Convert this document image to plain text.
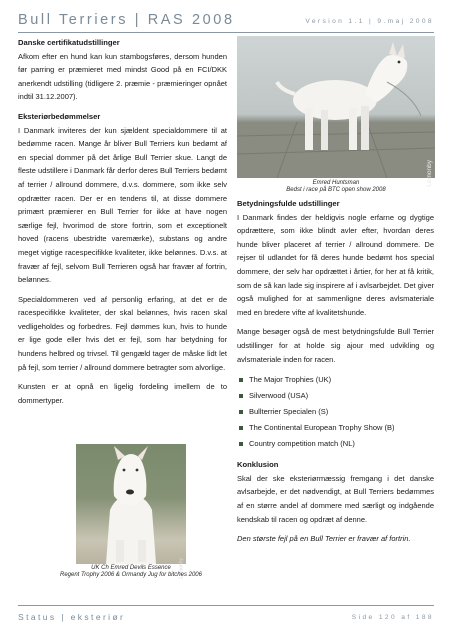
Bull Terriers | RAS 2008	Version 1.1 | 9.maj 2008
Danske certifikatudstillinger

Afkom efter en hund kan kun stambogsføres, dersom hunden før parring er præmieret med mindst Good på en FCI/DKK anerkendt udstilling (tidligere 2. præmie - præmieringer opnået indtil 31.12.2007).

Eksteriørbedømmelser

I Danmark inviteres der kun sjældent specialdommere til at bedømme racen. Mange år bliver Bull Terriers kun bedømt af en special dommer på det årlige Bull Terrier skue. Langt de fleste udstillere i Danmark får derfor deres Bull Terriers bedømt af terrier / allround dommere, d.v.s. dommere, som ikke selv opdrætter racen. Der er en tendens til, at disse dommere primært præmierer en Bull Terrier for ikke at have nogen særlige fejl, hvorimod de store fortrin, som et exceptionelt hoved (racens ubestridte varemærke), substans og andre meget vigtige racespecifikke kvaliteter, ikke belønnes. D.v.s. at fravær af fejl, selvom Bull Terrieren også har fravær af fortrin, belønnes.

Specialdommeren ved af personlig erfaring, at det er de racespecifikke kvaliteter, der skal belønnes, hvis racen skal vedligeholdes og forbedres. Fejl dømmes kun, hvis to hunde er lige gode eller hvis det er fejl, som har betydning for hundens helbred og trivsel. Til gengæld tager de måske lidt let på fejl, som terrier / allround dommere betragter som alvorlige.

Kunsten er at opnå en ligelig fordeling imellem de to dommertyper.

Lemonby
Emred Huntsman
Bedst i race på BTC open show 2008
Betydningsfulde udstillinger

I Danmark findes der heldigvis nogle erfarne og dygtige opdrættere, som ikke blindt avler efter, hvordan deres hunde bliver placeret af terrier / allround dommere. De rejser til udlandet for få deres hunde bedømt hos special dommere, der selv har opdrættet i årtier, for her at få kritik, som de så kan lade sig inspirere af i avlsarbejdet. Det giver også mulighed for at sammenligne deres avlsmateriale med en bredere vifte af kvalitetshunde.

Mange besøger også de mest betydningsfulde Bull Terrier udstillinger for at holde sig ajour med udvikling og avlsmateriale inden for racen.

The Major Trophies (UK)
Silverwood (USA)
Bullterrier Specialen (S)
The Continental European Trophy Show (B)
Country competition match (NL)
Konklusion

Skal der ske eksteriørmæssig fremgang i det danske avlsarbejde, er det nødvendigt, at Bull Terriers bedømmes af en større andel af dommere med særligt og indgående kendskab til racen og opdræt af denne.

Den største fejl på en Bull Terrier er fravær af fortrin.

Lemonby
UK Ch Emred Devils Essence
Regent Trophy 2006 & Ormandy Jug for bitches 2006
Status | eksteriør	Side 120 af 188
